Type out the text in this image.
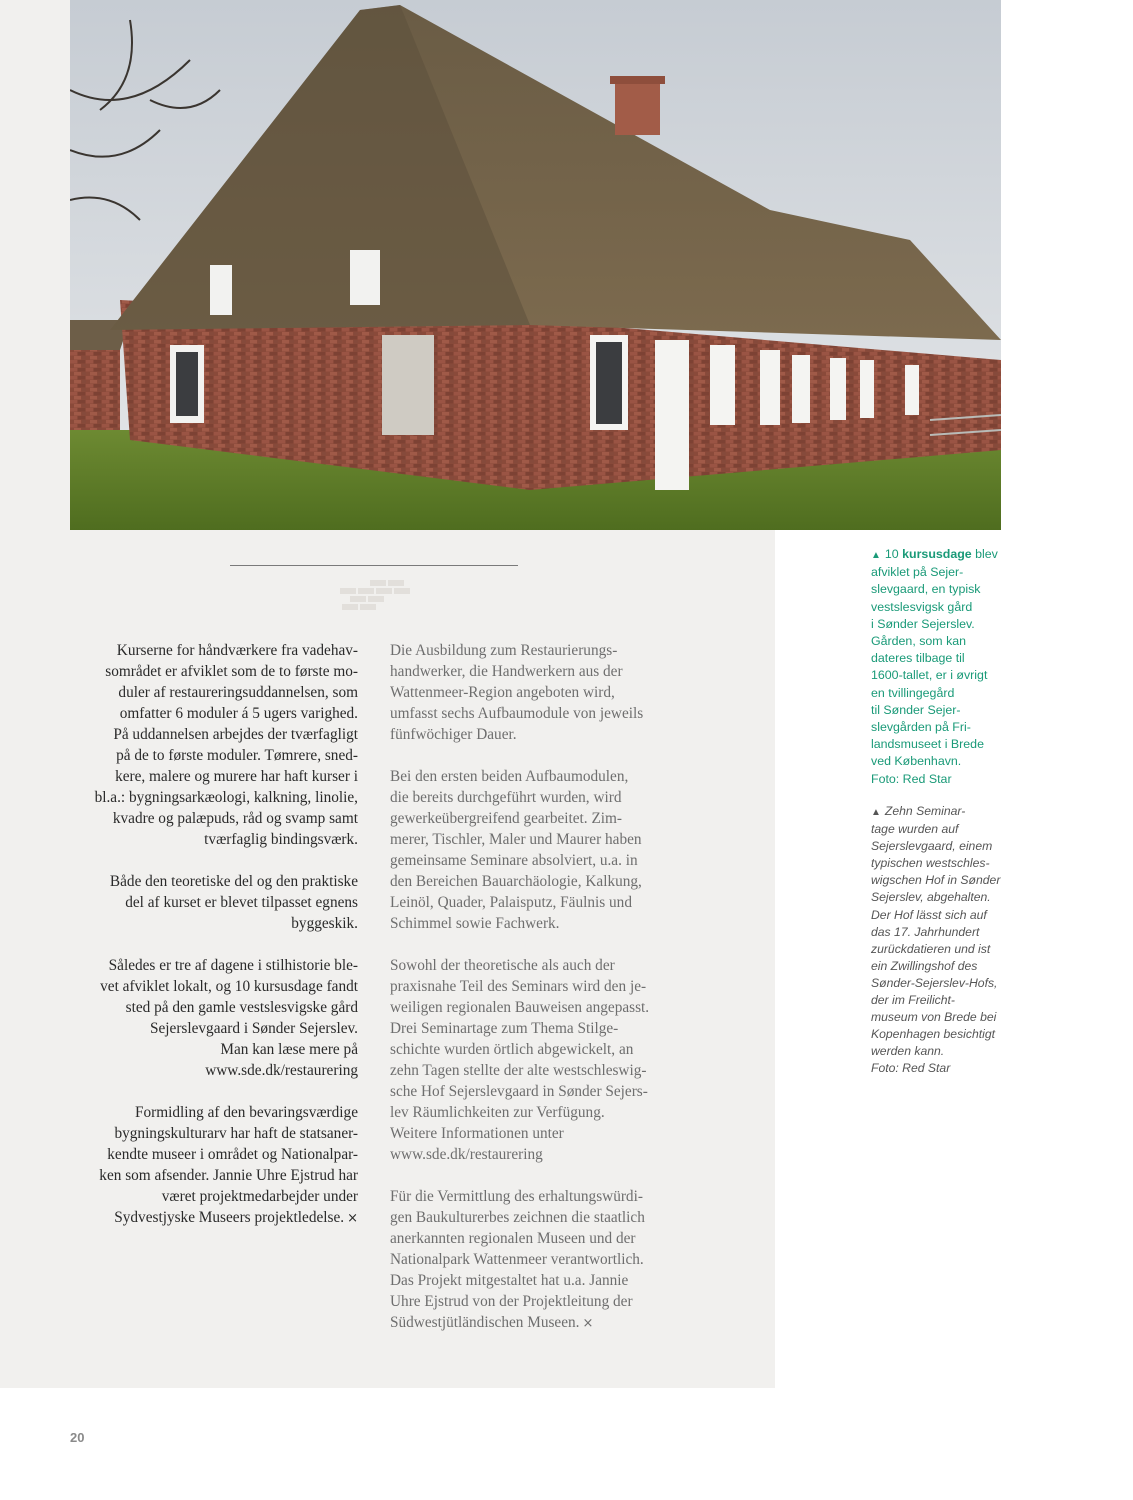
Kurserne for håndværkere fra vadehav-
sområdet er afviklet som de to første mo-
duler af restaureringsuddannelsen, som
omfatter 6 moduler á 5 ugers varighed.
På uddannelsen arbejdes der tværfagligt
på de to første moduler. Tømrere, sned-
kere, malere og murere har haft kurser i
bl.a.: bygningsarkæologi, kalkning, linolie,
kvadre og palæpuds, råd og svamp samt
tværfaglig bindingsværk.

Både den teoretiske del og den praktiske
del af kurset er blevet tilpasset egnens
byggeskik.

Således er tre af dagene i stilhistorie ble-
vet afviklet lokalt, og 10 kursusdage fandt
sted på den gamle vestslesvigske gård
Sejerslevgaard i Sønder Sejerslev.
Man kan læse mere på
www.sde.dk/restaurering

Formidling af den bevaringsværdige
bygningskulturarv har haft de statsaner-
kendte museer i området og Nationalpar-
ken som afsender. Jannie Uhre Ejstrud har
været projektmedarbejder under
Sydvestjyske Museers projektledelse. ×

Die Ausbildung zum Restaurierungs-
handwerker, die Handwerkern aus der
Wattenmeer-Region angeboten wird,
umfasst sechs Aufbaumodule von jeweils
fünfwöchiger Dauer.

Bei den ersten beiden Aufbaumodulen,
die bereits durchgeführt wurden, wird
gewerkeübergreifend gearbeitet. Zim-
merer, Tischler, Maler und Maurer haben
gemeinsame Seminare absolviert, u.a. in
den Bereichen Bauarchäologie, Kalkung,
Leinöl, Quader, Palaisputz, Fäulnis und
Schimmel sowie Fachwerk.

Sowohl der theoretische als auch der
praxisnahe Teil des Seminars wird den je-
weiligen regionalen Bauweisen angepasst.
Drei Seminartage zum Thema Stilge-
schichte wurden örtlich abgewickelt, an
zehn Tagen stellte der alte westschleswig-
sche Hof Sejerslevgaard in Sønder Sejers-
lev Räumlichkeiten zur Verfügung.
Weitere Informationen unter
www.sde.dk/restaurering

Für die Vermittlung des erhaltungswürdi-
gen Baukulturerbes zeichnen die staatlich
anerkannten regionalen Museen und der
Nationalpark Wattenmeer verantwortlich.
Das Projekt mitgestaltet hat u.a. Jannie
Uhre Ejstrud von der Projektleitung der
Südwestjütländischen Museen. ×

▲ 10 kursusdage blev
afviklet på Sejer-
slevgaard, en typisk
vestslesvigsk gård
i Sønder Sejerslev.
Gården, som kan
dateres tilbage til
1600-tallet, er i øvrigt
en tvillingegård
til Sønder Sejer-
slevgården på Fri-
landsmuseet i Brede
ved København.
Foto: Red Star
▲ Zehn Seminar-
tage wurden auf
Sejerslevgaard, einem
typischen westschles-
wigschen Hof in Sønder
Sejerslev, abgehalten.
Der Hof lässt sich auf
das 17. Jahrhundert
zurückdatieren und ist
ein Zwillingshof des
Sønder-Sejerslev-Hofs,
der im Freilicht-
museum von Brede bei
Kopenhagen besichtigt
werden kann.
Foto: Red Star
20
